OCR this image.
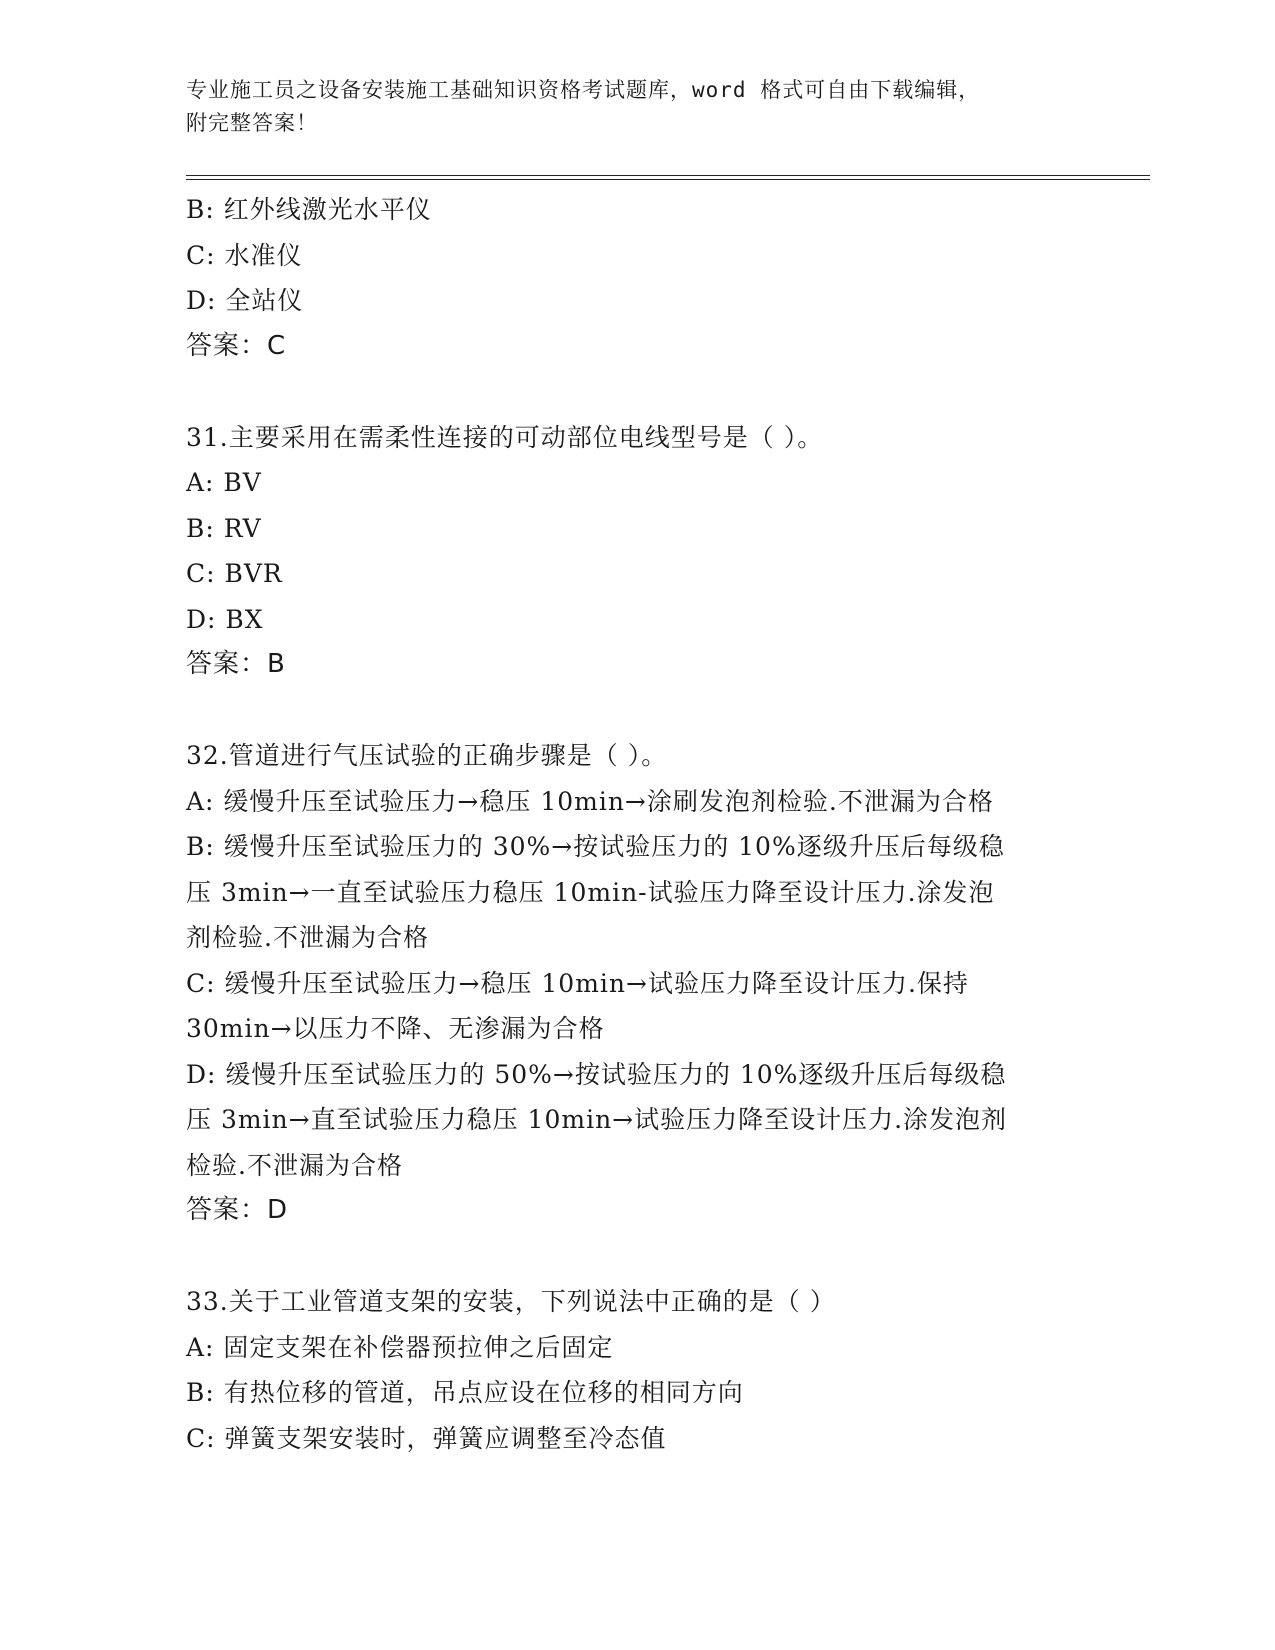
专业施工员之设备安装施工基础知识资格考试题库，word 格式可自由下载编辑，
附完整答案！
B: 红外线激光水平仪
C: 水准仪
D: 全站仪
答案：C
31.主要采用在需柔性连接的可动部位电线型号是（ ）。
A: BV
B: RV
C: BVR
D: BX
答案：B
32.管道进行气压试验的正确步骤是（ ）。
A: 缓慢升压至试验压力→稳压 10min→涂刷发泡剂检验.不泄漏为合格
B: 缓慢升压至试验压力的 30%→按试验压力的 10%逐级升压后每级稳
压 3min→一直至试验压力稳压 10min-试验压力降至设计压力.涂发泡
剂检验.不泄漏为合格
C: 缓慢升压至试验压力→稳压 10min→试验压力降至设计压力.保持
30min→以压力不降、无渗漏为合格
D: 缓慢升压至试验压力的 50%→按试验压力的 10%逐级升压后每级稳
压 3min→直至试验压力稳压 10min→试验压力降至设计压力.涂发泡剂
检验.不泄漏为合格
答案：D
33.关于工业管道支架的安装，下列说法中正确的是（ ）
A: 固定支架在补偿器预拉伸之后固定
B: 有热位移的管道，吊点应设在位移的相同方向
C: 弹簧支架安装时，弹簧应调整至冷态值
